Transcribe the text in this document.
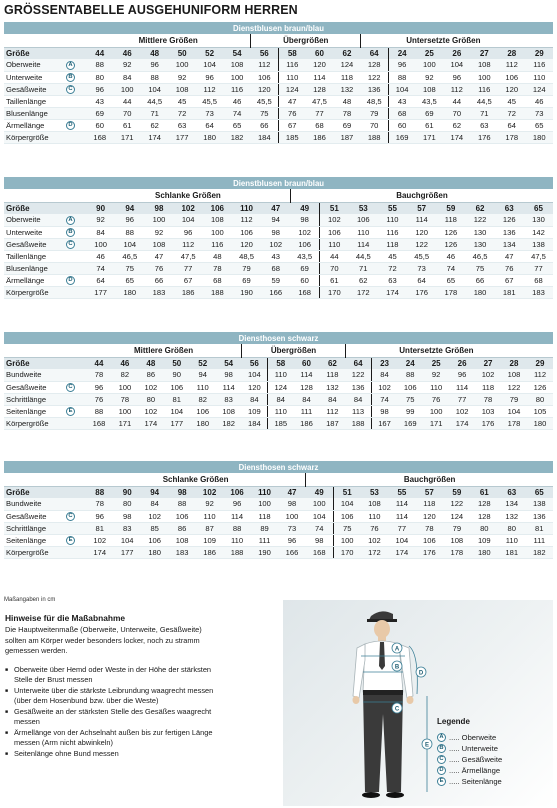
GRÖSSENTABELLE AUSGEHUNIFORM HERREN
Dienstblusen braun/blau																		
		Mittlere Größen						Übergrößen				Untersetzte Größen						
Größe		44	46	48	50	52	54	56	58	60	62	64	24	25	26	27	28	29
Oberweite	A	88	92	96	100	104	108	112	116	120	124	128	96	100	104	108	112	116
Unterweite	B	80	84	88	92	96	100	106	110	114	118	122	88	92	96	100	106	110
Gesäßweite	C	96	100	104	108	112	116	120	124	128	132	136	104	108	112	116	120	124
Taillenlänge		43	44	44,5	45	45,5	46	45,5	47	47,5	48	48,5	43	43,5	44	44,5	45	46
Blusenlänge		69	70	71	72	73	74	75	76	77	78	79	68	69	70	71	72	73
Ärmellänge	D	60	61	62	63	64	65	66	67	68	69	70	60	61	62	63	64	65
Körpergröße		168	171	174	177	180	182	184	185	186	187	188	169	171	174	176	178	180
Dienstblusen braun/blau																	
		Schlanke Größen							Bauchgrößen								
Größe		90	94	98	102	106	110	47	49	51	53	55	57	59	62	63	65
Oberweite	A	92	96	100	104	108	112	94	98	102	106	110	114	118	122	126	130
Unterweite	B	84	88	92	96	100	106	98	102	106	110	116	120	126	130	136	142
Gesäßweite	C	100	104	108	112	116	120	102	106	110	114	118	122	126	130	134	138
Taillenlänge		46	46,5	47	47,5	48	48,5	43	43,5	44	44,5	45	45,5	46	46,5	47	47,5
Blusenlänge		74	75	76	77	78	79	68	69	70	71	72	73	74	75	76	77
Ärmellänge	D	64	65	66	67	68	69	59	60	61	62	63	64	65	66	67	68
Körpergröße		177	180	183	186	188	190	166	168	170	172	174	176	178	180	181	183
Diensthosen schwarz																			
		Mittlere Größen						Übergrößen				Untersetzte Größen							
Größe		44	46	48	50	52	54	56	58	60	62	64	23	24	25	26	27	28	29
Bundweite		78	82	86	90	94	98	104	110	114	118	122	84	88	92	96	102	108	112
Gesäßweite	C	96	100	102	106	110	114	120	124	128	132	136	102	106	110	114	118	122	126
Schrittlänge		76	78	80	81	82	83	84	84	84	84	84	74	75	76	77	78	79	80
Seitenlänge	E	88	100	102	104	106	108	109	110	111	112	113	98	99	100	102	103	104	105
Körpergröße		168	171	174	177	180	182	184	185	186	187	188	167	169	171	174	176	178	180
Diensthosen schwarz																		
		Schlanke Größen								Bauchgrößen								
Größe		88	90	94	98	102	106	110	47	49	51	53	55	57	59	61	63	65
Bundweite		78	80	84	88	92	96	100	98	100	104	108	114	118	122	128	134	138
Gesäßweite	C	96	98	102	106	110	114	118	100	104	106	110	114	120	124	128	132	136
Schrittlänge		81	83	85	86	87	88	89	73	74	75	76	77	78	79	80	80	81
Seitenlänge	E	102	104	106	108	109	110	111	96	98	100	102	104	106	108	109	110	111
Körpergröße		174	177	180	183	186	188	190	166	168	170	172	174	176	178	180	181	182
Maßangaben in cm
Hinweise für die Maßabnahme
Die Hauptweitenmaße (Oberweite, Unterweite, Gesäßweite) sollten am Körper weder besonders locker, noch zu stramm gemessen werden.
■ Oberweite über Hemd oder Weste in der Höhe der stärksten Stelle der Brust messen
■ Unterweite über die stärkste Leibrundung waagrecht messen (über dem Hosenbund bzw. über die Weste)
■ Gesäßweite an der stärksten Stelle des Gesäßes waagrecht messen
■ Ärmellänge von der Achselnaht außen bis zur fertigen Länge messen (Arm nicht abwinkeln)
■ Seitenlänge ohne Bund messen
A
B
C
D
E
Legende
A ..... Oberweite
B ..... Unterweite
C ..... Gesäßweite
D ..... Ärmellänge
E ..... Seitenlänge
